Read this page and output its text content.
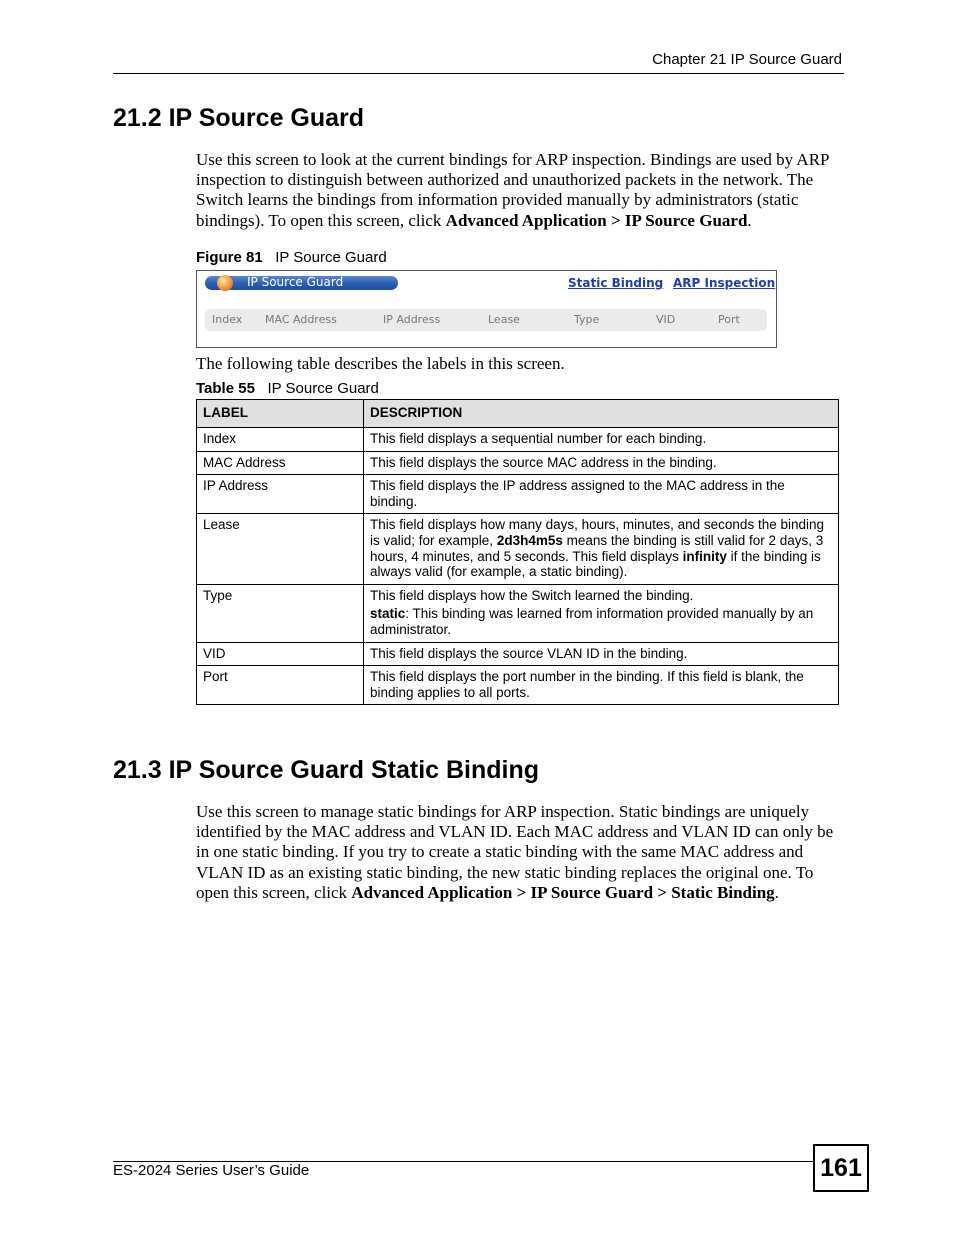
Chapter 21 IP Source Guard
21.2 IP Source Guard

Use this screen to look at the current bindings for ARP inspection. Bindings are used by ARP inspection to distinguish between authorized and unauthorized packets in the network. The Switch learns the bindings from information provided manually by administrators (static bindings). To open this screen, click Advanced Application > IP Source Guard.

Figure 81 IP Source Guard
IP Source Guard	Static Binding ARP Inspection
Index MAC Address	IP Address	Lease	Type	VID	Port

The following table describes the labels in this screen.

Table 55 IP Source Guard
LABEL	DESCRIPTION
Index	This field displays a sequential number for each binding.
MAC Address	This field displays the source MAC address in the binding.
IP Address	This field displays the IP address assigned to the MAC address in the binding.
Lease	This field displays how many days, hours, minutes, and seconds the binding is valid; for example, 2d3h4m5s means the binding is still valid for 2 days, 3 hours, 4 minutes, and 5 seconds. This field displays infinity if the binding is always valid (for example, a static binding).
Type	This field displays how the Switch learned the binding.

static: This binding was learned from information provided manually by an administrator.

VID	This field displays the source VLAN ID in the binding.
Port	This field displays the port number in the binding. If this field is blank, the binding applies to all ports.
21.3 IP Source Guard Static Binding

Use this screen to manage static bindings for ARP inspection. Static bindings are uniquely identified by the MAC address and VLAN ID. Each MAC address and VLAN ID can only be in one static binding. If you try to create a static binding with the same MAC address and VLAN ID as an existing static binding, the new static binding replaces the original one. To open this screen, click Advanced Application > IP Source Guard > Static Binding.

ES-2024 Series User’s Guide	161
